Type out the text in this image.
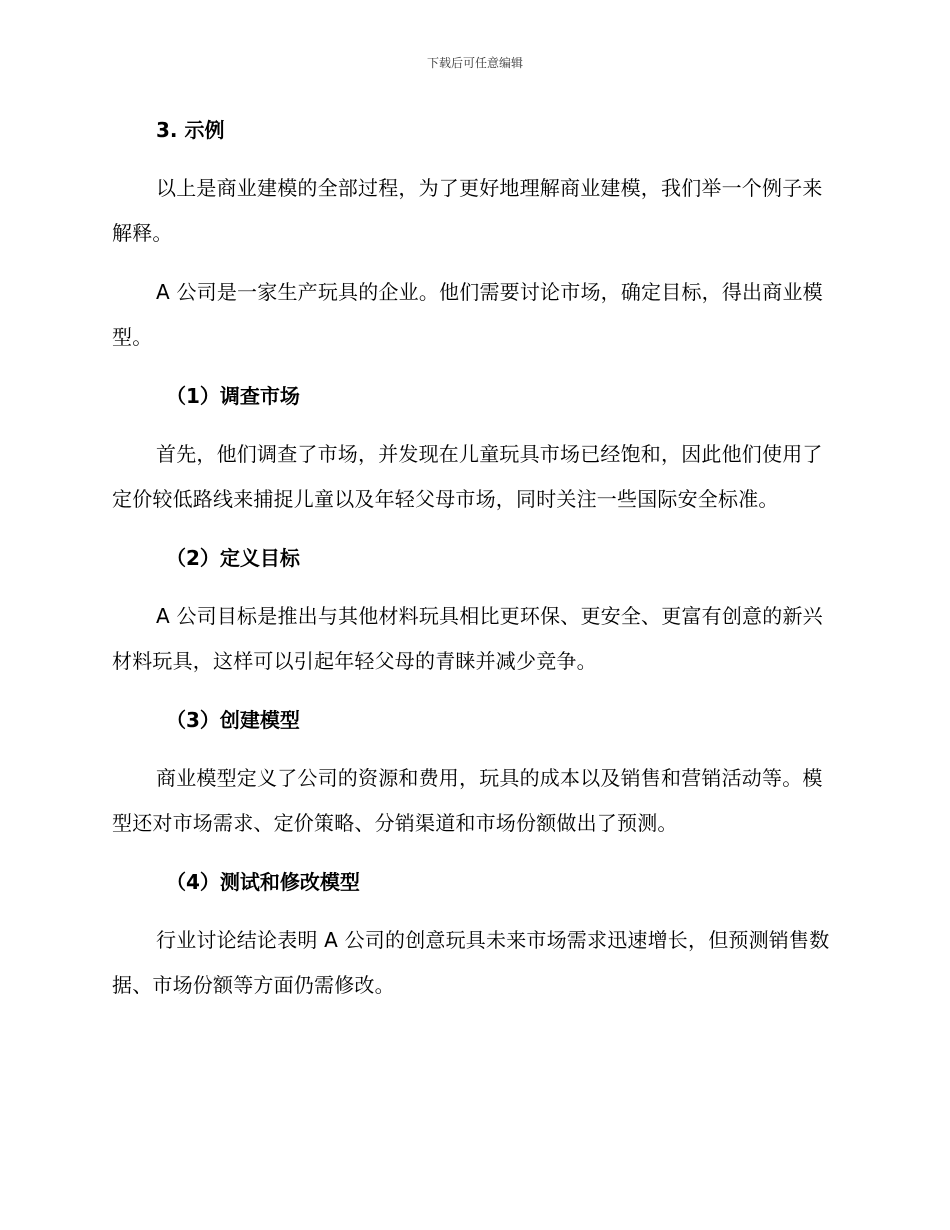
下载后可任意编辑
3. 示例

以上是商业建模的全部过程，为了更好地理解商业建模，我们举一个例子来解释。

A 公司是一家生产玩具的企业。他们需要讨论市场，确定目标，得出商业模型。

（1）调查市场

首先，他们调查了市场，并发现在儿童玩具市场已经饱和，因此他们使用了定价较低路线来捕捉儿童以及年轻父母市场，同时关注一些国际安全标准。

（2）定义目标

A 公司目标是推出与其他材料玩具相比更环保、更安全、更富有创意的新兴材料玩具，这样可以引起年轻父母的青睐并减少竞争。

（3）创建模型

商业模型定义了公司的资源和费用，玩具的成本以及销售和营销活动等。模型还对市场需求、定价策略、分销渠道和市场份额做出了预测。

（4）测试和修改模型

行业讨论结论表明 A 公司的创意玩具未来市场需求迅速增长，但预测销售数据、市场份额等方面仍需修改。
